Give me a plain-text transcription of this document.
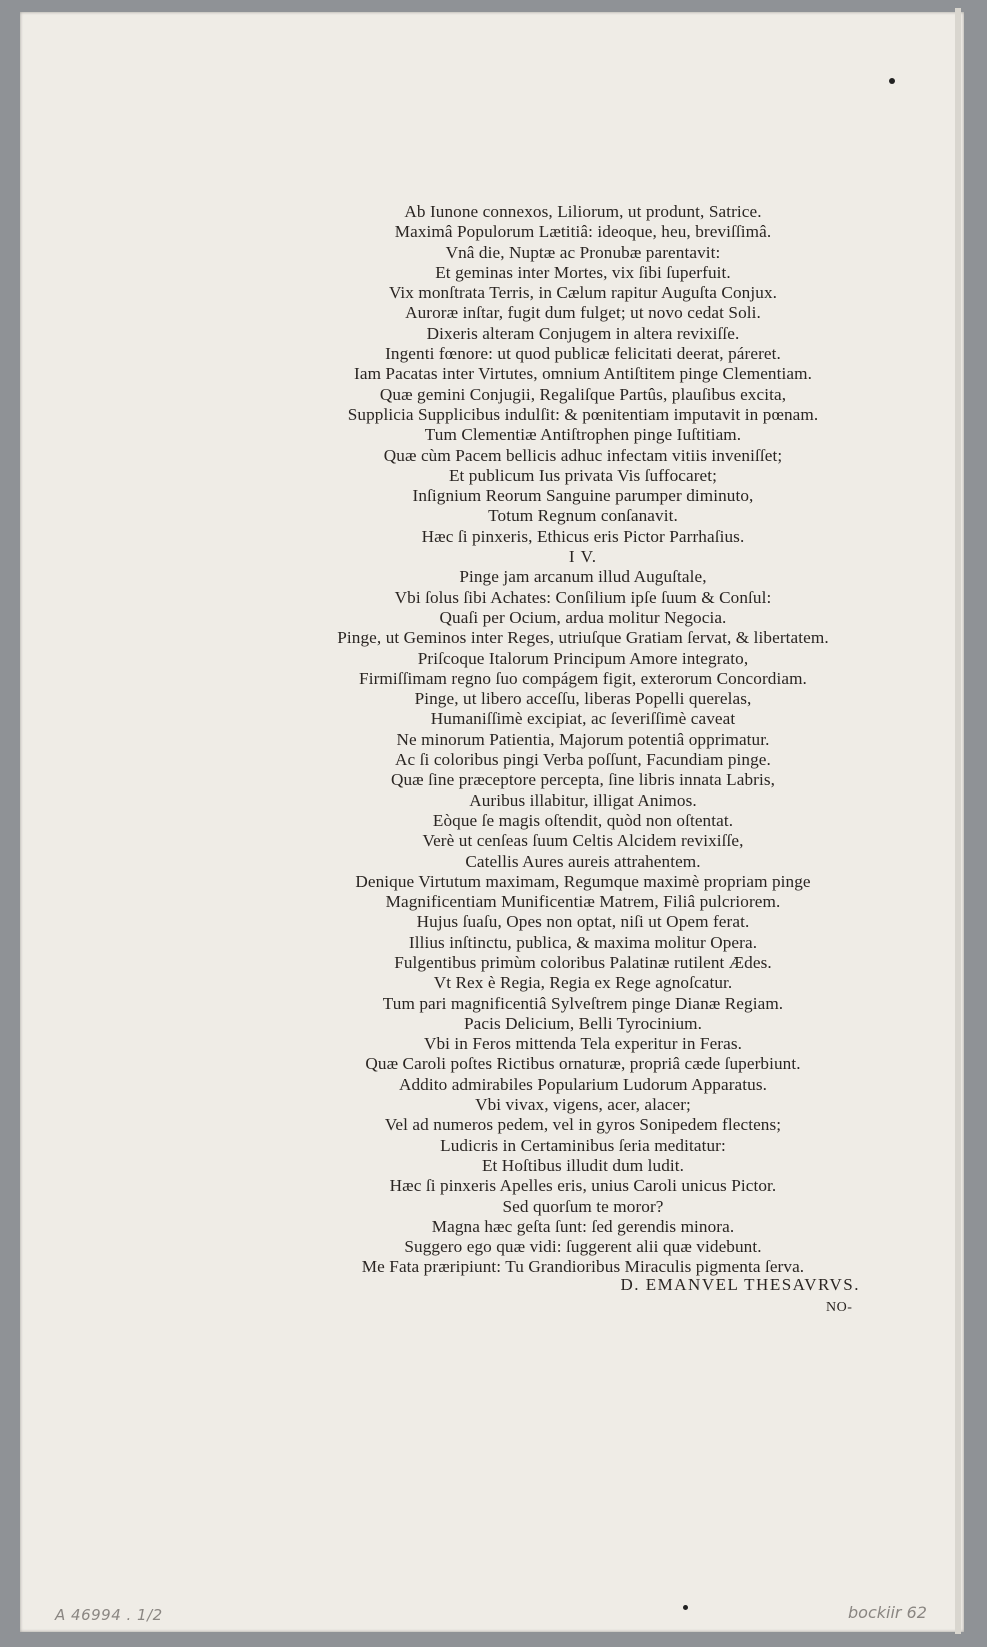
Ab Iunone connexos, Liliorum, ut produnt, Satrice.
Maximâ Populorum Lætitiâ: ideoque, heu, breviſſimâ.
Vnâ die, Nuptæ ac Pronubæ parentavit:
Et geminas inter Mortes, vix ſibi ſuperfuit.
Vix monſtrata Terris, in Cælum rapitur Auguſta Conjux.
Auroræ inſtar, fugit dum fulget; ut novo cedat Soli.
Dixeris alteram Conjugem in altera revixiſſe.
Ingenti fœnore: ut quod publicæ felicitati deerat, páreret.
Iam Pacatas inter Virtutes, omnium Antiſtitem pinge Clementiam.
Quæ gemini Conjugii, Regaliſque Partûs, plauſibus excita,
Supplicia Supplicibus indulſit: & pœnitentiam imputavit in pœnam.
Tum Clementiæ Antiſtrophen pinge Iuſtitiam.
Quæ cùm Pacem bellicis adhuc infectam vitiis inveniſſet;
Et publicum Ius privata Vis ſuffocaret;
Inſignium Reorum Sanguine parumper diminuto,
Totum Regnum conſanavit.
Hæc ſi pinxeris, Ethicus eris Pictor Parrhaſius.
I V.
Pinge jam arcanum illud Auguſtale,
Vbi ſolus ſibi Achates: Conſilium ipſe ſuum & Conſul:
Quaſi per Ocium, ardua molitur Negocia.
Pinge, ut Geminos inter Reges, utriuſque Gratiam ſervat, & libertatem.
Priſcoque Italorum Principum Amore integrato,
Firmiſſimam regno ſuo compágem figit, exterorum Concordiam.
Pinge, ut libero acceſſu, liberas Popelli querelas,
Humaniſſimè excipiat, ac ſeveriſſimè caveat
Ne minorum Patientia, Majorum potentiâ opprimatur.
Ac ſi coloribus pingi Verba poſſunt, Facundiam pinge.
Quæ ſine præceptore percepta, ſine libris innata Labris,
Auribus illabitur, illigat Animos.
Eòque ſe magis oſtendit, quòd non oſtentat.
Verè ut cenſeas ſuum Celtis Alcidem revixiſſe,
Catellis Aures aureis attrahentem.
Denique Virtutum maximam, Regumque maximè propriam pinge
Magnificentiam Munificentiæ Matrem, Filiâ pulcriorem.
Hujus ſuaſu, Opes non optat, niſi ut Opem ferat.
Illius inſtinctu, publica, & maxima molitur Opera.
Fulgentibus primùm coloribus Palatinæ rutilent Ædes.
Vt Rex è Regia, Regia ex Rege agnoſcatur.
Tum pari magnificentiâ Sylveſtrem pinge Dianæ Regiam.
Pacis Delicium, Belli Tyrocinium.
Vbi in Feros mittenda Tela experitur in Feras.
Quæ Caroli poſtes Rictibus ornaturæ, propriâ cæde ſuperbiunt.
Addito admirabiles Popularium Ludorum Apparatus.
Vbi vivax, vigens, acer, alacer;
Vel ad numeros pedem, vel in gyros Sonipedem flectens;
Ludicris in Certaminibus ſeria meditatur:
Et Hoſtibus illudit dum ludit.
Hæc ſi pinxeris Apelles eris, unius Caroli unicus Pictor.
Sed quorſum te moror?
Magna hæc geſta ſunt: ſed gerendis minora.
Suggero ego quæ vidi: ſuggerent alii quæ videbunt.
Me Fata præripiunt: Tu Grandioribus Miraculis pigmenta ſerva.
D. EMANVEL THESAVRVS.
NO-
A 46994 . 1/2	bockiir 62
